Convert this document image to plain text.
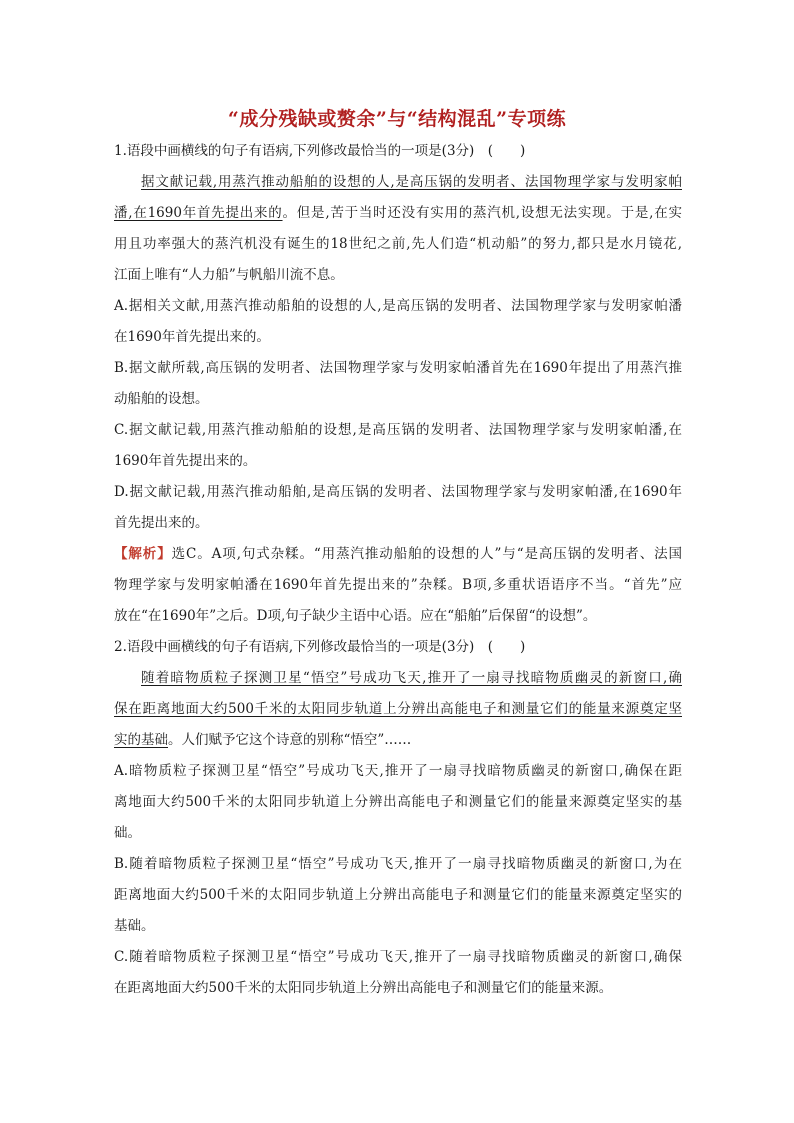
“成分残缺或赘余”与“结构混乱”专项练
1.语段中画横线的句子有语病,下列修改最恰当的一项是(3分)　(　　)
据文献记载,用蒸汽推动船舶的设想的人,是高压锅的发明者、法国物理学家与发明家帕
潘,在1690年首先提出来的。但是,苦于当时还没有实用的蒸汽机,设想无法实现。于是,在实
用且功率强大的蒸汽机没有诞生的18世纪之前,先人们造“机动船”的努力,都只是水月镜花,
江面上唯有“人力船”与帆船川流不息。
A.据相关文献,用蒸汽推动船舶的设想的人,是高压锅的发明者、法国物理学家与发明家帕潘
在1690年首先提出来的。
B.据文献所载,高压锅的发明者、法国物理学家与发明家帕潘首先在1690年提出了用蒸汽推
动船舶的设想。
C.据文献记载,用蒸汽推动船舶的设想,是高压锅的发明者、法国物理学家与发明家帕潘,在
1690年首先提出来的。
D.据文献记载,用蒸汽推动船舶,是高压锅的发明者、法国物理学家与发明家帕潘,在1690年
首先提出来的。
【解析】选C。A项,句式杂糅。“用蒸汽推动船舶的设想的人”与“是高压锅的发明者、法国
物理学家与发明家帕潘在1690年首先提出来的”杂糅。B项,多重状语语序不当。“首先”应
放在“在1690年”之后。D项,句子缺少主语中心语。应在“船舶”后保留“的设想”。
2.语段中画横线的句子有语病,下列修改最恰当的一项是(3分)　(　　)
随着暗物质粒子探测卫星“悟空”号成功飞天,推开了一扇寻找暗物质幽灵的新窗口,确
保在距离地面大约500千米的太阳同步轨道上分辨出高能电子和测量它们的能量来源奠定坚
实的基础。人们赋予它这个诗意的别称“悟空”……
A.暗物质粒子探测卫星“悟空”号成功飞天,推开了一扇寻找暗物质幽灵的新窗口,确保在距
离地面大约500千米的太阳同步轨道上分辨出高能电子和测量它们的能量来源奠定坚实的基
础。
B.随着暗物质粒子探测卫星“悟空”号成功飞天,推开了一扇寻找暗物质幽灵的新窗口,为在
距离地面大约500千米的太阳同步轨道上分辨出高能电子和测量它们的能量来源奠定坚实的
基础。
C.随着暗物质粒子探测卫星“悟空”号成功飞天,推开了一扇寻找暗物质幽灵的新窗口,确保
在距离地面大约500千米的太阳同步轨道上分辨出高能电子和测量它们的能量来源。
